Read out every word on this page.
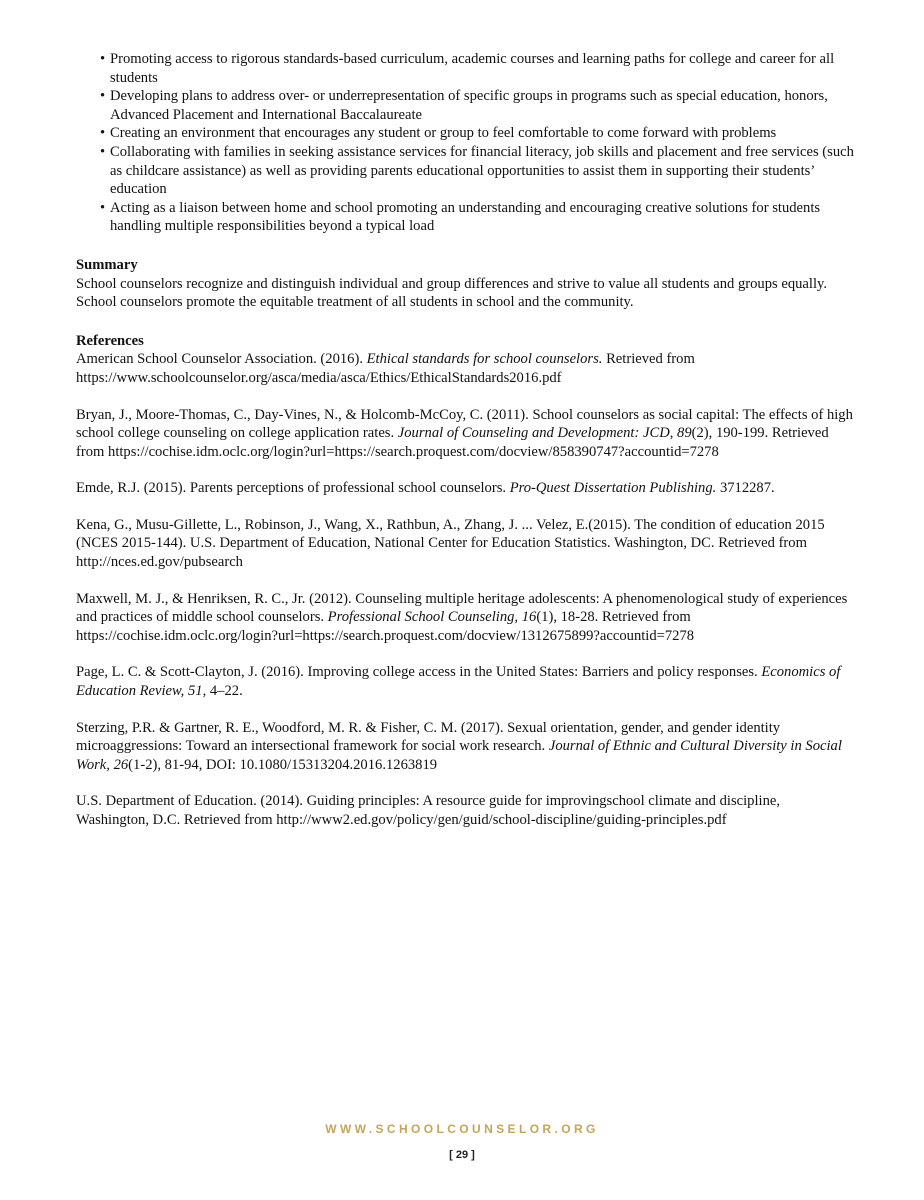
• Promoting access to rigorous standards-based curriculum, academic courses and learning paths for college and career for all students
• Developing plans to address over- or underrepresentation of specific groups in programs such as special education, honors, Advanced Placement and International Baccalaureate
• Creating an environment that encourages any student or group to feel comfortable to come forward with problems
• Collaborating with families in seeking assistance services for financial literacy, job skills and placement and free services (such as childcare assistance) as well as providing parents educational opportunities to assist them in supporting their students’ education
• Acting as a liaison between home and school promoting an understanding and encouraging creative solutions for students handling multiple responsibilities beyond a typical load
Summary
School counselors recognize and distinguish individual and group differences and strive to value all students and groups equally. School counselors promote the equitable treatment of all students in school and the community.
References
American School Counselor Association. (2016). Ethical standards for school counselors. Retrieved from https://www.schoolcounselor.org/asca/media/asca/Ethics/EthicalStandards2016.pdf
Bryan, J., Moore-Thomas, C., Day-Vines, N., & Holcomb-McCoy, C. (2011). School counselors as social capital: The effects of high school college counseling on college application rates. Journal of Counseling and Development: JCD, 89(2), 190-199. Retrieved from https://cochise.idm.oclc.org/login?url=https://search.proquest.com/docview/858390747?accountid=7278
Emde, R.J. (2015). Parents perceptions of professional school counselors. Pro-Quest Dissertation Publishing. 3712287.
Kena, G., Musu-Gillette, L., Robinson, J., Wang, X., Rathbun, A., Zhang, J. ... Velez, E.(2015). The condition of education 2015 (NCES 2015-144). U.S. Department of Education, National Center for Education Statistics. Washington, DC. Retrieved from http://nces.ed.gov/pubsearch
Maxwell, M. J., & Henriksen, R. C., Jr. (2012). Counseling multiple heritage adolescents: A phenomenological study of experiences and practices of middle school counselors. Professional School Counseling, 16(1), 18-28. Retrieved from https://cochise.idm.oclc.org/login?url=https://search.proquest.com/docview/1312675899?accountid=7278
Page, L. C. & Scott-Clayton, J. (2016). Improving college access in the United States: Barriers and policy responses. Economics of Education Review, 51, 4–22.
Sterzing, P.R. & Gartner, R. E., Woodford, M. R. & Fisher, C. M. (2017). Sexual orientation, gender, and gender identity microaggressions: Toward an intersectional framework for social work research. Journal of Ethnic and Cultural Diversity in Social Work, 26(1-2), 81-94, DOI: 10.1080/15313204.2016.1263819
U.S. Department of Education. (2014). Guiding principles: A resource guide for improvingschool climate and discipline, Washington, D.C. Retrieved from http://www2.ed.gov/policy/gen/guid/school-discipline/guiding-principles.pdf
WWW.SCHOOLCOUNSELOR.ORG
[ 29 ]
